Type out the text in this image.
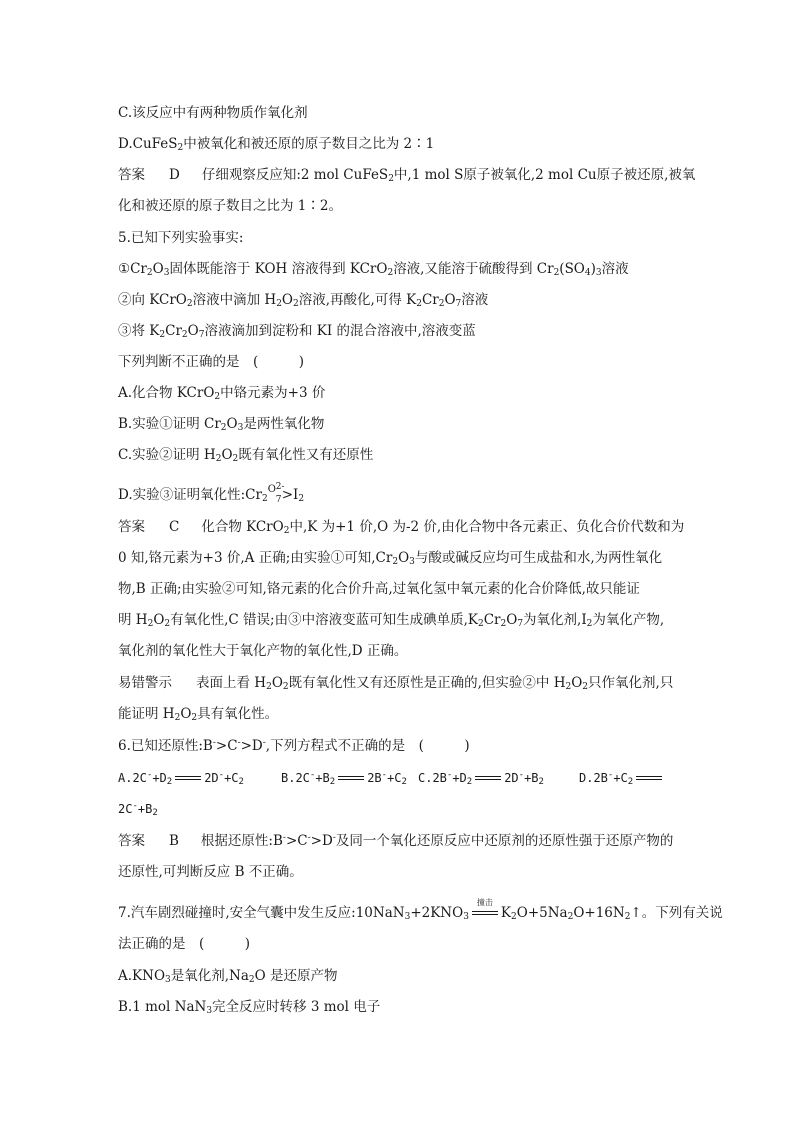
C.该反应中有两种物质作氧化剂
D.CuFeS$_2$中被氧化和被还原的原子数目之比为 2∶1
答案 D 仔细观察反应知:2 mol CuFeS$_2$中,1 mol S原子被氧化,2 mol Cu原子被还原,被氧
化和被还原的原子数目之比为 1∶2。
5.已知下列实验事实:
$①Cr_2O_3$固体既能溶于 KOH 溶液得到 KCrO$_2$溶液,又能溶于硫酸得到 $Cr_2(SO_4)_3$溶液
②向 KCrO$_2$溶液中滴加 $H_2O_2$溶液,再酸化,可得 $K_2Cr_2O_7$溶液
③将 $K_2Cr_2O_7$溶液滴加到淀粉和 KI 的混合溶液中,溶液变蓝
下列判断不正确的是　(　　　)
A.化合物 KCrO$_2$中铬元素为+3 价
B.实验①证明 $Cr_2O_3$是两性氧化物
C.实验②证明 $H_2O_2$既有氧化性又有还原性
D.实验③证明氧化性$:Cr_2$
O 2-
$7 >I_2$
答案 C 化合物 KCrO$_2$中,K 为+1 价,O 为-2 价,由化合物中各元素正、负化合价代数和为
0 知,铬元素为+3 价,A 正确;由实验①可知$,Cr_2O_3$与酸或碱反应均可生成盐和水,为两性氧化
物,B 正确;由实验②可知,铬元素的化合价升高,过氧化氢中氧元素的化合价降低,故只能证
明 $H_2O_2$有氧化性,C 错误;由③中溶液变蓝可知生成碘单质$,K_2Cr_2O_7$为氧化剂$,I_2$为氧化产物,
氧化剂的氧化性大于氧化产物的氧化性,D 正确。
易错警示 表面上看 $H_2O_2$既有氧化性又有还原性是正确的,但实验②中 $H_2O_2$只作氧化剂,只
能证明 $H_2O_2$具有氧化性。
6.已知还原性:B->C->D-,下列方程式不正确的是　(　　　)
$A.2C^-+D_2$	$2D^-+C_2$	$B.2C^-+B_2$	$2B^-+C_2$ $C.2B^-+D_2$	$2D^-+B_2$	$D.2B^-+C_2$
$2C^-+B_2$
答案 B 根据还原性:B->C->D-及同一个氧化还原反应中还原剂的还原性强于还原产物的
还原性,可判断反应 B 不正确。
7.汽车剧烈碰撞时,安全气囊中发生反应$:10NaN_3+2KNO_3$
撞击
$K_2O+5Na_2O+16N_2↑$。下列有关说
法正确的是　(　　　)
$A.KNO_3$是氧化剂$,Na_2O$ 是还原产物
B.1 mol NaN$_3$完全反应时转移 3 mol 电子
